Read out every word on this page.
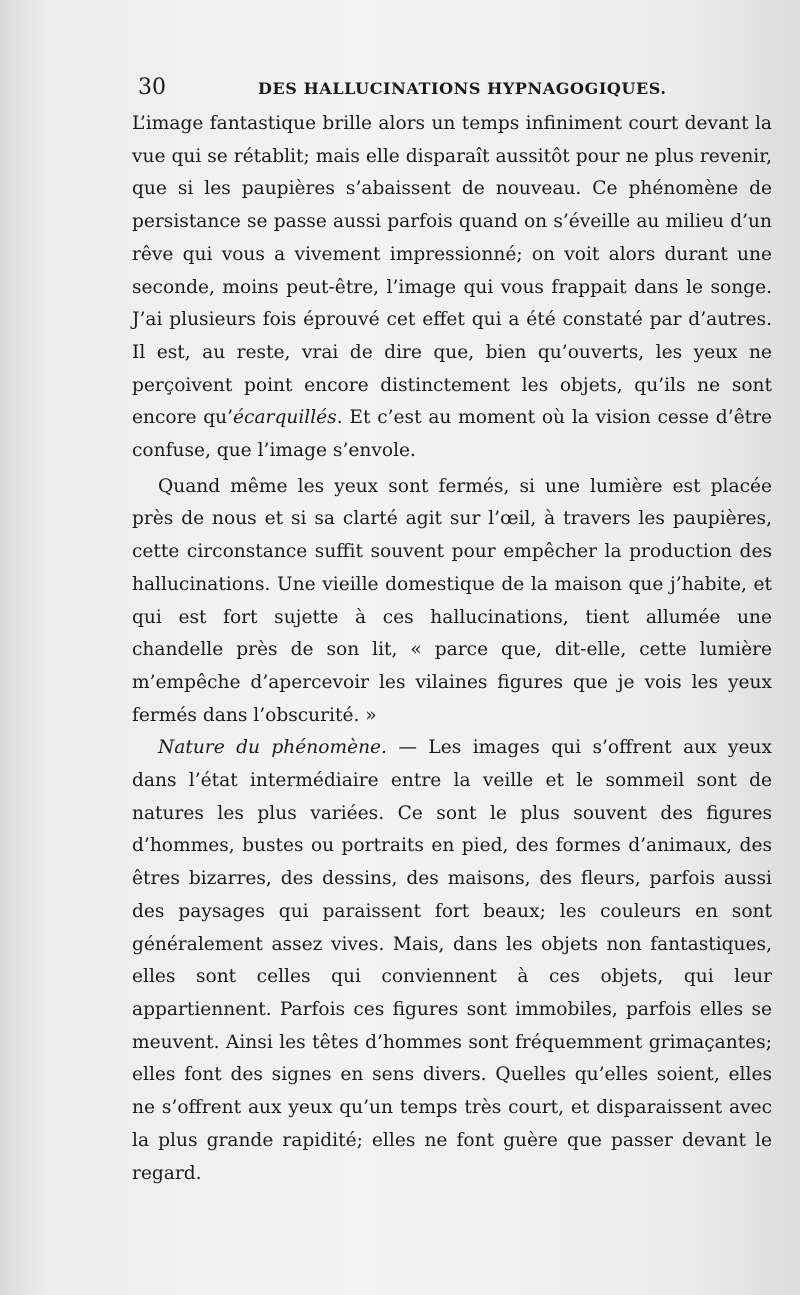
30	DES HALLUCINATIONS HYPNAGOGIQUES.

L’image fantastique brille alors un temps infiniment court devant la vue qui se rétablit; mais elle disparaît aussitôt pour ne plus revenir, que si les paupières s’abaissent de nouveau. Ce phénomène de persistance se passe aussi parfois quand on s’éveille au milieu d’un rêve qui vous a vivement impressionné; on voit alors durant une seconde, moins peut-être, l’image qui vous frappait dans le songe. J’ai plusieurs fois éprouvé cet effet qui a été constaté par d’autres. Il est, au reste, vrai de dire que, bien qu’ouverts, les yeux ne perçoivent point encore distinctement les objets, qu’ils ne sont encore qu’écarquillés. Et c’est au moment où la vision cesse d’être confuse, que l’image s’envole.

Quand même les yeux sont fermés, si une lumière est placée près de nous et si sa clarté agit sur l’œil, à travers les paupières, cette circonstance suffit souvent pour empêcher la production des hallucinations. Une vieille domestique de la maison que j’habite, et qui est fort sujette à ces hallucinations, tient allumée une chandelle près de son lit, « parce que, dit-elle, cette lumière m’empêche d’apercevoir les vilaines figures que je vois les yeux fermés dans l’obscurité. »

Nature du phénomène. — Les images qui s’offrent aux yeux dans l’état intermédiaire entre la veille et le sommeil sont de natures les plus variées. Ce sont le plus souvent des figures d’hommes, bustes ou portraits en pied, des formes d’animaux, des êtres bizarres, des dessins, des maisons, des fleurs, parfois aussi des paysages qui paraissent fort beaux; les couleurs en sont généralement assez vives. Mais, dans les objets non fantastiques, elles sont celles qui conviennent à ces objets, qui leur appartiennent. Parfois ces figures sont immobiles, parfois elles se meuvent. Ainsi les têtes d’hommes sont fréquemment grimaçantes; elles font des signes en sens divers. Quelles qu’elles soient, elles ne s’offrent aux yeux qu’un temps très court, et disparaissent avec la plus grande rapidité; elles ne font guère que passer devant le regard.
